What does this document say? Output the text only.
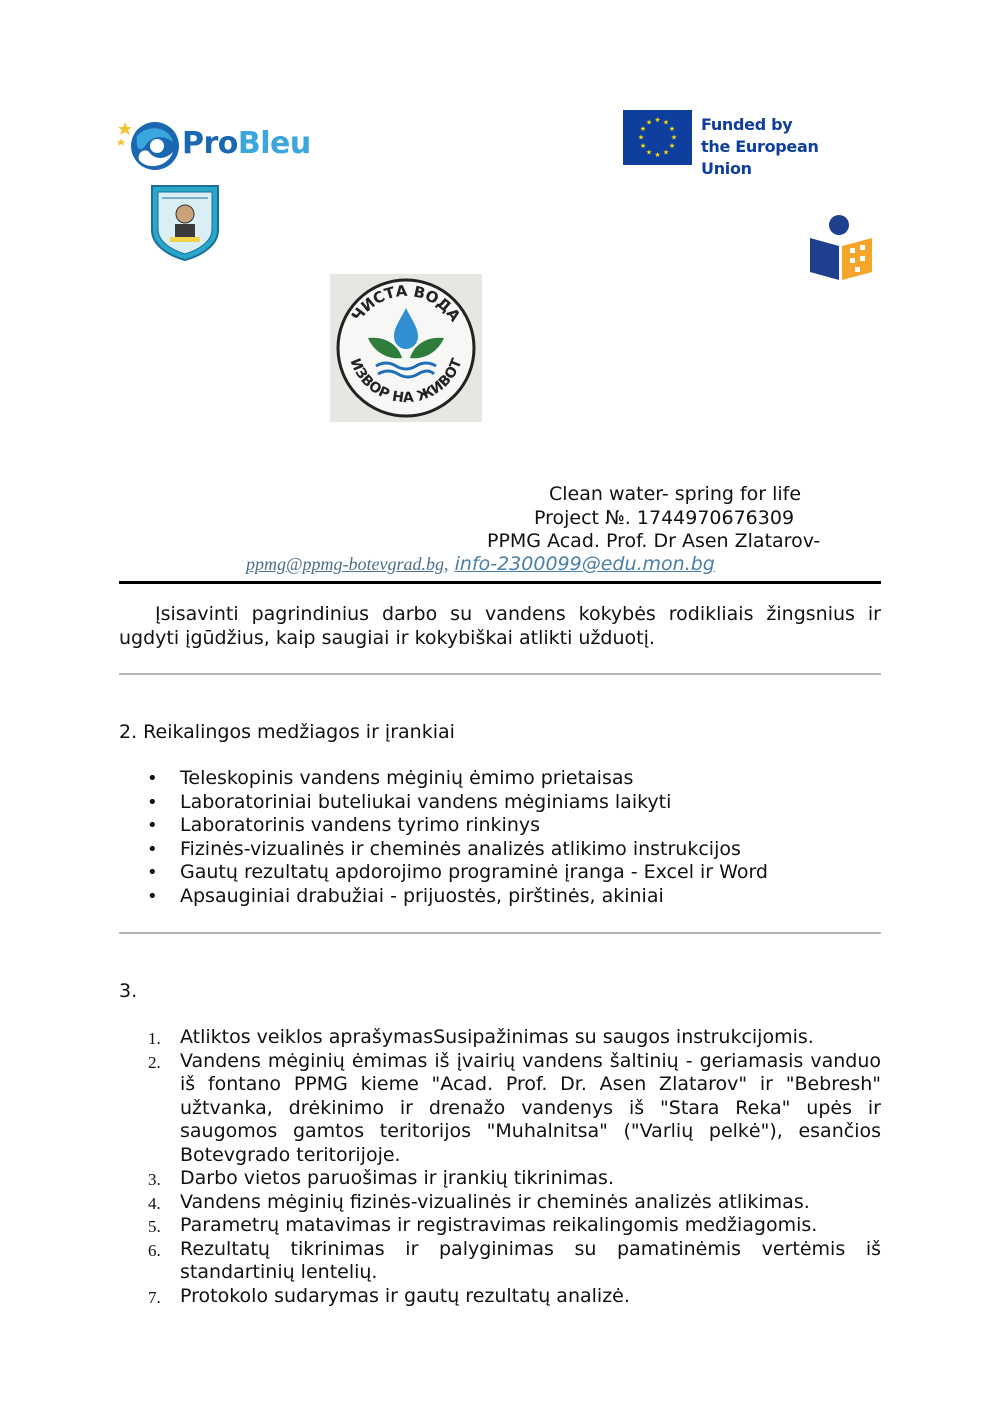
ProBleu
★ ★
★
★
★
★
★
★
★
★
★
★	Funded by
the European Union
ЧИСТА ВОДА
ИЗВОР НА ЖИВОТ
Clean water- spring for life
Project №. 1744970676309
PPMG Acad. Prof. Dr Asen Zlatarov-
ppmg@ppmg-botevgrad.bg, info-2300099@edu.mon.bg

Įsisavinti pagrindinius darbo su vandens kokybės rodikliais žingsnius ir ugdyti įgūdžius, kaip saugiai ir kokybiškai atlikti užduotį.

2. Reikalingos medžiagos ir įrankiai
• Teleskopinis vandens mėginių ėmimo prietaisas
• Laboratoriniai buteliukai vandens mėginiams laikyti
• Laboratorinis vandens tyrimo rinkinys
• Fizinės-vizualinės ir cheminės analizės atlikimo instrukcijos
• Gautų rezultatų apdorojimo programinė įranga - Excel ir Word
• Apsauginiai drabužiai - prijuostės, pirštinės, akiniai
3.
1. Atliktos veiklos aprašymasSusipažinimas su saugos instrukcijomis.
2. Vandens mėginių ėmimas iš įvairių vandens šaltinių - geriamasis vanduo iš fontano PPMG kieme "Acad. Prof. Dr. Asen Zlatarov" ir "Bebresh" užtvanka, drėkinimo ir drenažo vandenys iš "Stara Reka" upės ir saugomos gamtos teritorijos "Muhalnitsa" ("Varlių pelkė"), esančios Botevgrado teritorijoje.
3. Darbo vietos paruošimas ir įrankių tikrinimas.
4. Vandens mėginių fizinės-vizualinės ir cheminės analizės atlikimas.
5. Parametrų matavimas ir registravimas reikalingomis medžiagomis.
6. Rezultatų tikrinimas ir palyginimas su pamatinėmis vertėmis iš standartinių lentelių.
7. Protokolo sudarymas ir gautų rezultatų analizė.
